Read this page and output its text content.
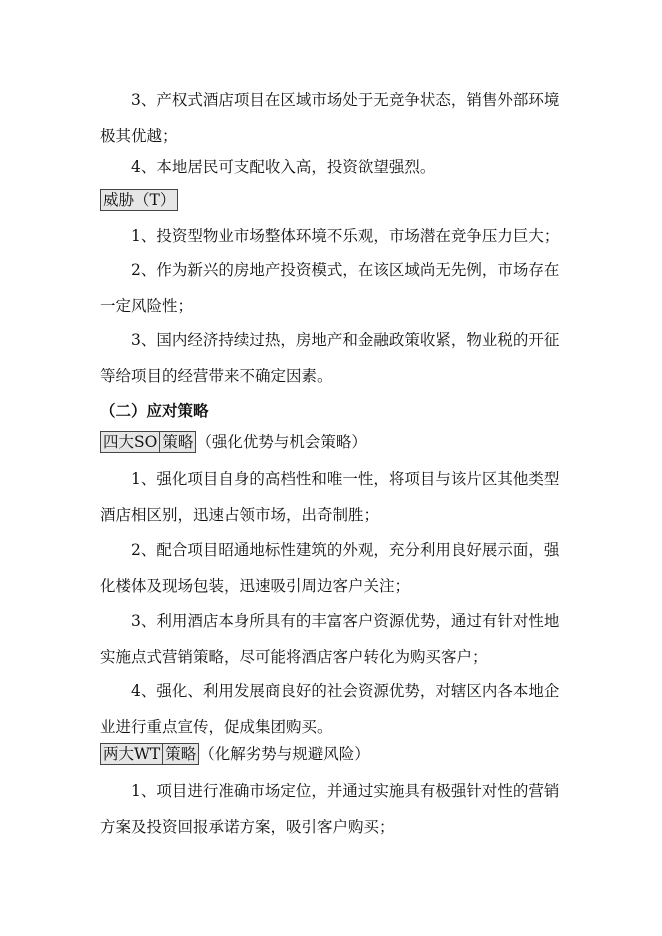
3、产权式酒店项目在区域市场处于无竞争状态，销售外部环境
极其优越；
4、本地居民可支配收入高，投资欲望强烈。
威胁（T）
1、投资型物业市场整体环境不乐观，市场潜在竞争压力巨大；
2、作为新兴的房地产投资模式，在该区域尚无先例，市场存在
一定风险性；
3、国内经济持续过热，房地产和金融政策收紧，物业税的开征
等给项目的经营带来不确定因素。
（二）应对策略
四大SO 策略 （强化优势与机会策略）
1、强化项目自身的高档性和唯一性，将项目与该片区其他类型
酒店相区别，迅速占领市场，出奇制胜；
2、配合项目昭通地标性建筑的外观，充分利用良好展示面，强
化楼体及现场包装，迅速吸引周边客户关注；
3、利用酒店本身所具有的丰富客户资源优势，通过有针对性地
实施点式营销策略，尽可能将酒店客户转化为购买客户；
4、强化、利用发展商良好的社会资源优势，对辖区内各本地企
业进行重点宣传，促成集团购买。
两大WT 策略 （化解劣势与规避风险）
1、项目进行准确市场定位，并通过实施具有极强针对性的营销
方案及投资回报承诺方案，吸引客户购买；
